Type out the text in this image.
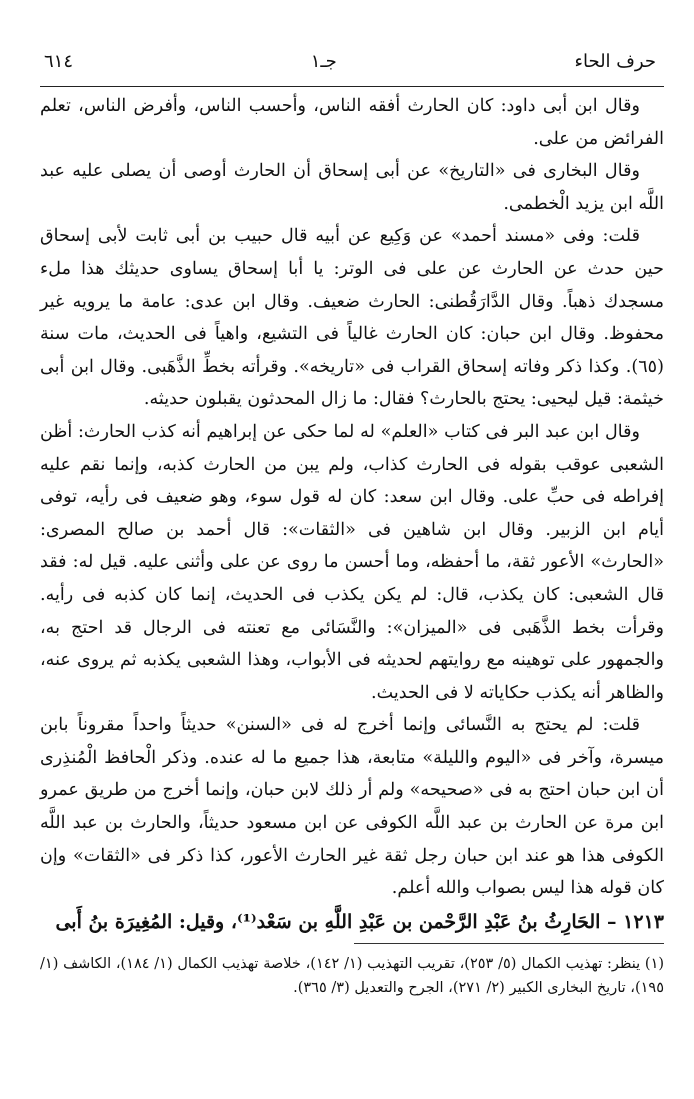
حرف الحاء
جـ١
٦١٤

وقال ابن أبى داود: كان الحارث أفقه الناس، وأحسب الناس، وأفرض الناس، تعلم الفرائض من على.

وقال البخارى فى «التاريخ» عن أبى إسحاق أن الحارث أوصى أن يصلى عليه عبد اللَّه ابن يزيد الْخطمى.

قلت: وفى «مسند أحمد» عن وَكِيع عن أبيه قال حبيب بن أبى ثابت لأبى إسحاق حين حدث عن الحارث عن على فى الوتر: يا أبا إسحاق يساوى حديثك هذا ملء مسجدك ذهباً. وقال الدَّارَقُطنى: الحارث ضعيف. وقال ابن عدى: عامة ما يرويه غير محفوظ. وقال ابن حبان: كان الحارث غالياً فى التشيع، واهياً فى الحديث، مات سنة (٦٥). وكذا ذكر وفاته إسحاق القراب فى «تاريخه». وقرأته بخطِّ الذَّهَبى. وقال ابن أبى خيثمة: قيل ليحيى: يحتج بالحارث؟ فقال: ما زال المحدثون يقبلون حديثه.

وقال ابن عبد البر فى كتاب «العلم» له لما حكى عن إبراهيم أنه كذب الحارث: أظن الشعبى عوقب بقوله فى الحارث كذاب، ولم يبن من الحارث كذبه، وإنما نقم عليه إفراطه فى حبِّ على. وقال ابن سعد: كان له قول سوء، وهو ضعيف فى رأيه، توفى أيام ابن الزبير. وقال ابن شاهين فى «الثقات»: قال أحمد بن صالح المصرى: «الحارث» الأعور ثقة، ما أحفظه، وما أحسن ما روى عن على وأثنى عليه. قيل له: فقد قال الشعبى: كان يكذب، قال: لم يكن يكذب فى الحديث، إنما كان كذبه فى رأيه. وقرأت بخط الذَّهَبى فى «الميزان»: والنَّسَائى مع تعنته فى الرجال قد احتج به، والجمهور على توهينه مع روايتهم لحديثه فى الأبواب، وهذا الشعبى يكذبه ثم يروى عنه، والظاهر أنه يكذب حكاياته لا فى الحديث.

قلت: لم يحتج به النَّسائى وإنما أخرج له فى «السنن» حديثاً واحداً مقروناً بابن ميسرة، وآخر فى «اليوم والليلة» متابعة، هذا جميع ما له عنده. وذكر الْحافظ الْمُنذِرى أن ابن حبان احتج به فى «صحيحه» ولم أر ذلك لابن حبان، وإنما أخرج من طريق عمرو ابن مرة عن الحارث بن عبد اللَّه الكوفى عن ابن مسعود حديثاً، والحارث بن عبد اللَّه الكوفى هذا هو عند ابن حبان رجل ثقة غير الحارث الأعور، كذا ذكر فى «الثقات» وإن كان قوله هذا ليس بصواب والله أعلم.

١٢١٣ – الحَارِثُ بنُ عَبْدِ الرَّحْمن بن عَبْدِ اللَّهِ بن سَعْد⁽¹⁾، وقيل: المُغِيرَة بنُ أَبى

(١) ينظر: تهذيب الكمال (٥/ ٢٥٣)، تقريب التهذيب (١/ ١٤٢)، خلاصة تهذيب الكمال (١/ ١٨٤)، الكاشف (١/ ١٩٥)، تاريخ البخارى الكبير (٢/ ٢٧١)، الجرح والتعديل (٣/ ٣٦٥).
